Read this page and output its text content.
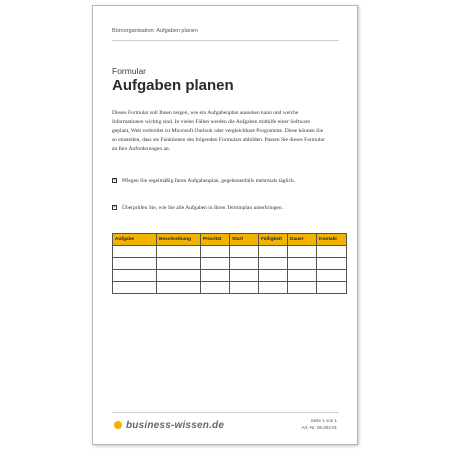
Büroorganisation: Aufgaben planen
Formular
Aufgaben planen
Dieses Formular soll Ihnen zeigen, wie ein Aufgabenplan aussehen kann und welche Informationen wichtig sind. In vielen Fällen werden die Aufgaben mithilfe einer Software geplant, Weit verbreitet ist Microsoft Outlook oder vergleichbare Programme. Diese können Sie so einstellen, dass sie Funktionen des folgenden Formulars abbilden. Passen Sie dieses Formular an Ihre Anforderungen an.
✓ Pflegen Sie regelmäßig Ihren Aufgabenplan, gegebenenfalls mehrmals täglich.
✓ Überprüfen Sie, wie Sie alle Aufgaben in Ihren Terminplan unterbringen.
Aufgabe	Beschreibung	Priorität	Start	Fälligkeit	Dauer	Kontakt

business-wissen.de	Seite 1 von 1
Art.-Nr. 06.003.01
